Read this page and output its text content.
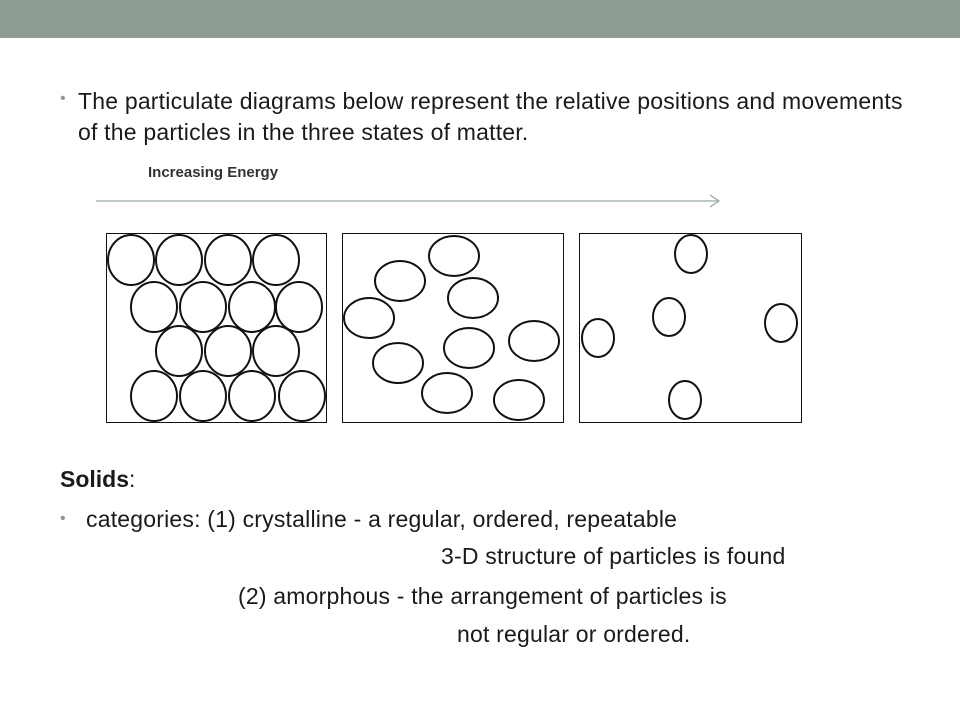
• The particulate diagrams below represent the relative positions and movements of the particles in the three states of matter.
Increasing Energy
Solids:
• categories: (1) crystalline - a regular, ordered, repeatable
3-D structure of particles is found
(2) amorphous - the arrangement of particles is
not regular or ordered.
